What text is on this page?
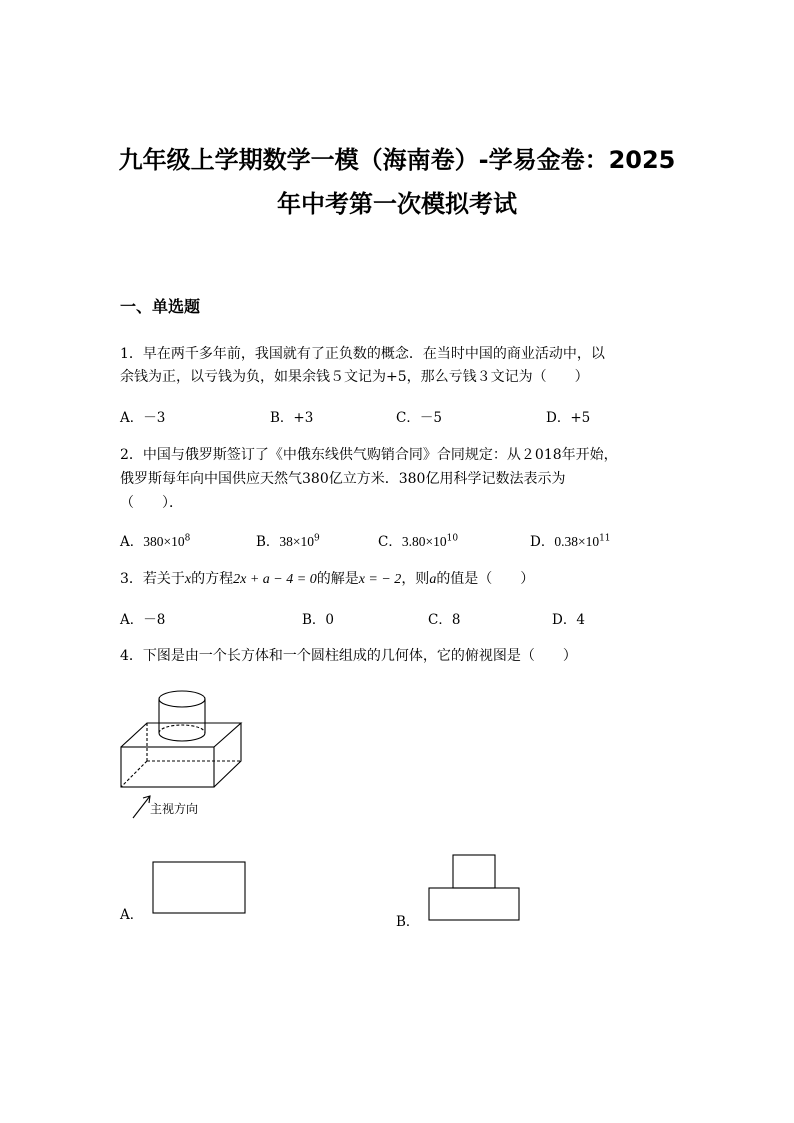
九年级上学期数学一模（海南卷）-学易金卷：2025
年中考第一次模拟考试
一、单选题
1．早在两千多年前，我国就有了正负数的概念．在当时中国的商业活动中，以
余钱为正，以亏钱为负，如果余钱５文记为+5，那么亏钱３文记为（　　）
A．－3	B．+3	C．－5	D．+5
2．中国与俄罗斯签订了《中俄东线供气购销合同》合同规定：从２018年开始，
俄罗斯每年向中国供应天然气380亿立方米．380亿用科学记数法表示为
（　　）．
A．$380\times 10^8$	B．$38\times 10^9$	C．$3.80\times 10^{10}$	D．$0.38\times 10^{11}$
3．若关于x的方程2x + a − 4 = 0的解是x = − 2，则a的值是（　　）
A．－8	B．0	C．8	D．4
4．下图是由一个长方体和一个圆柱组成的几何体，它的俯视图是（　　）
主视方向
A．	B．
